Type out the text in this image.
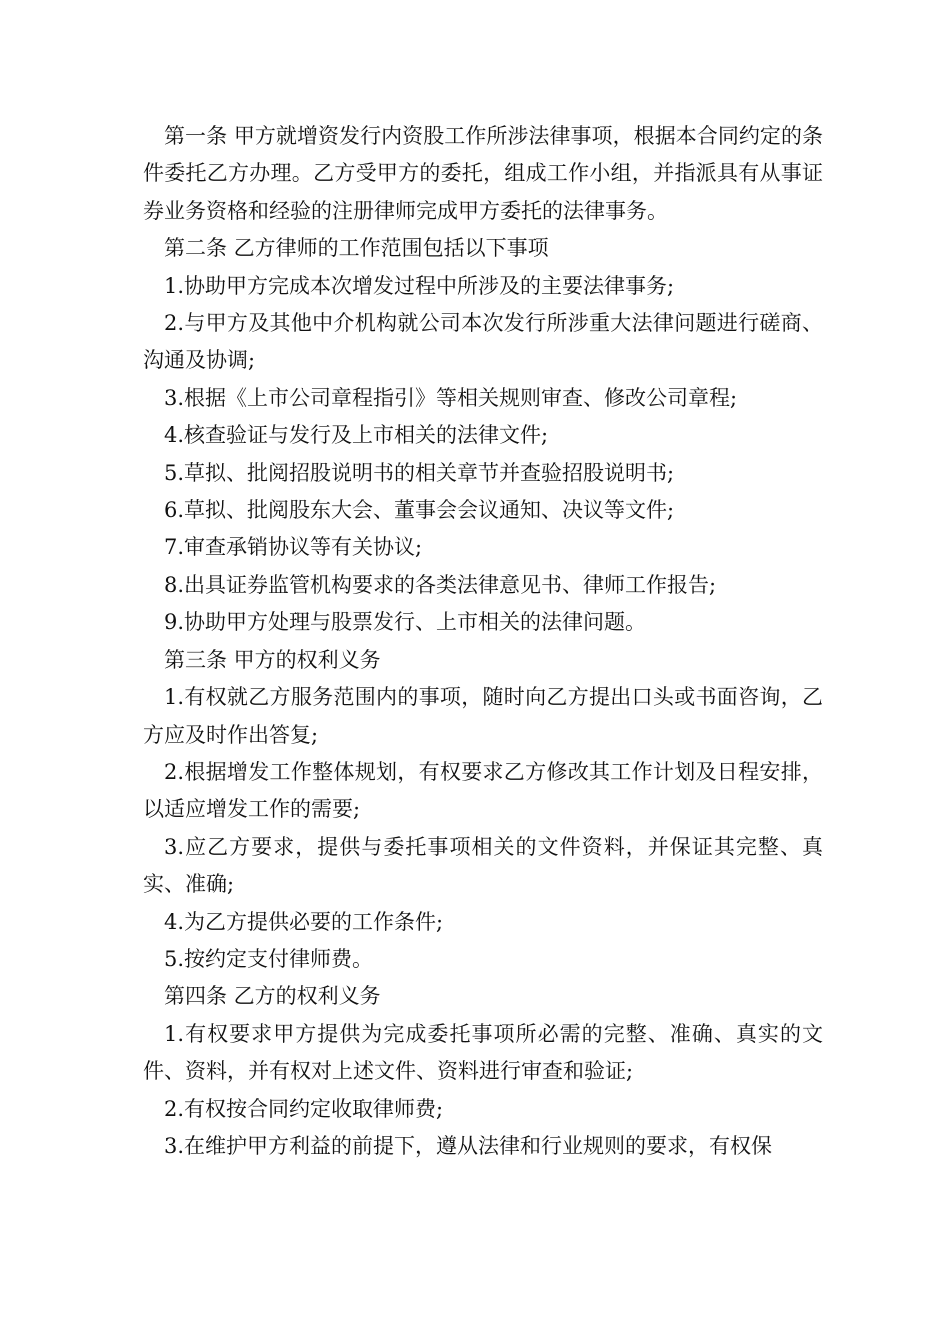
第一条 甲方就增资发行内资股工作所涉法律事项，根据本合同约定的条件委托乙方办理。乙方受甲方的委托，组成工作小组，并指派具有从事证券业务资格和经验的注册律师完成甲方委托的法律事务。

第二条 乙方律师的工作范围包括以下事项

1.协助甲方完成本次增发过程中所涉及的主要法律事务;

2.与甲方及其他中介机构就公司本次发行所涉重大法律问题进行磋商、沟通及协调;

3.根据《上市公司章程指引》等相关规则审查、修改公司章程;

4.核查验证与发行及上市相关的法律文件;

5.草拟、批阅招股说明书的相关章节并查验招股说明书;

6.草拟、批阅股东大会、董事会会议通知、决议等文件;

7.审查承销协议等有关协议;

8.出具证券监管机构要求的各类法律意见书、律师工作报告;

9.协助甲方处理与股票发行、上市相关的法律问题。

第三条 甲方的权利义务

1.有权就乙方服务范围内的事项，随时向乙方提出口头或书面咨询，乙方应及时作出答复;

2.根据增发工作整体规划，有权要求乙方修改其工作计划及日程安排，以适应增发工作的需要;

3.应乙方要求，提供与委托事项相关的文件资料，并保证其完整、真实、准确;

4.为乙方提供必要的工作条件;

5.按约定支付律师费。

第四条 乙方的权利义务

1.有权要求甲方提供为完成委托事项所必需的完整、准确、真实的文件、资料，并有权对上述文件、资料进行审查和验证;

2.有权按合同约定收取律师费;

3.在维护甲方利益的前提下，遵从法律和行业规则的要求，有权保
